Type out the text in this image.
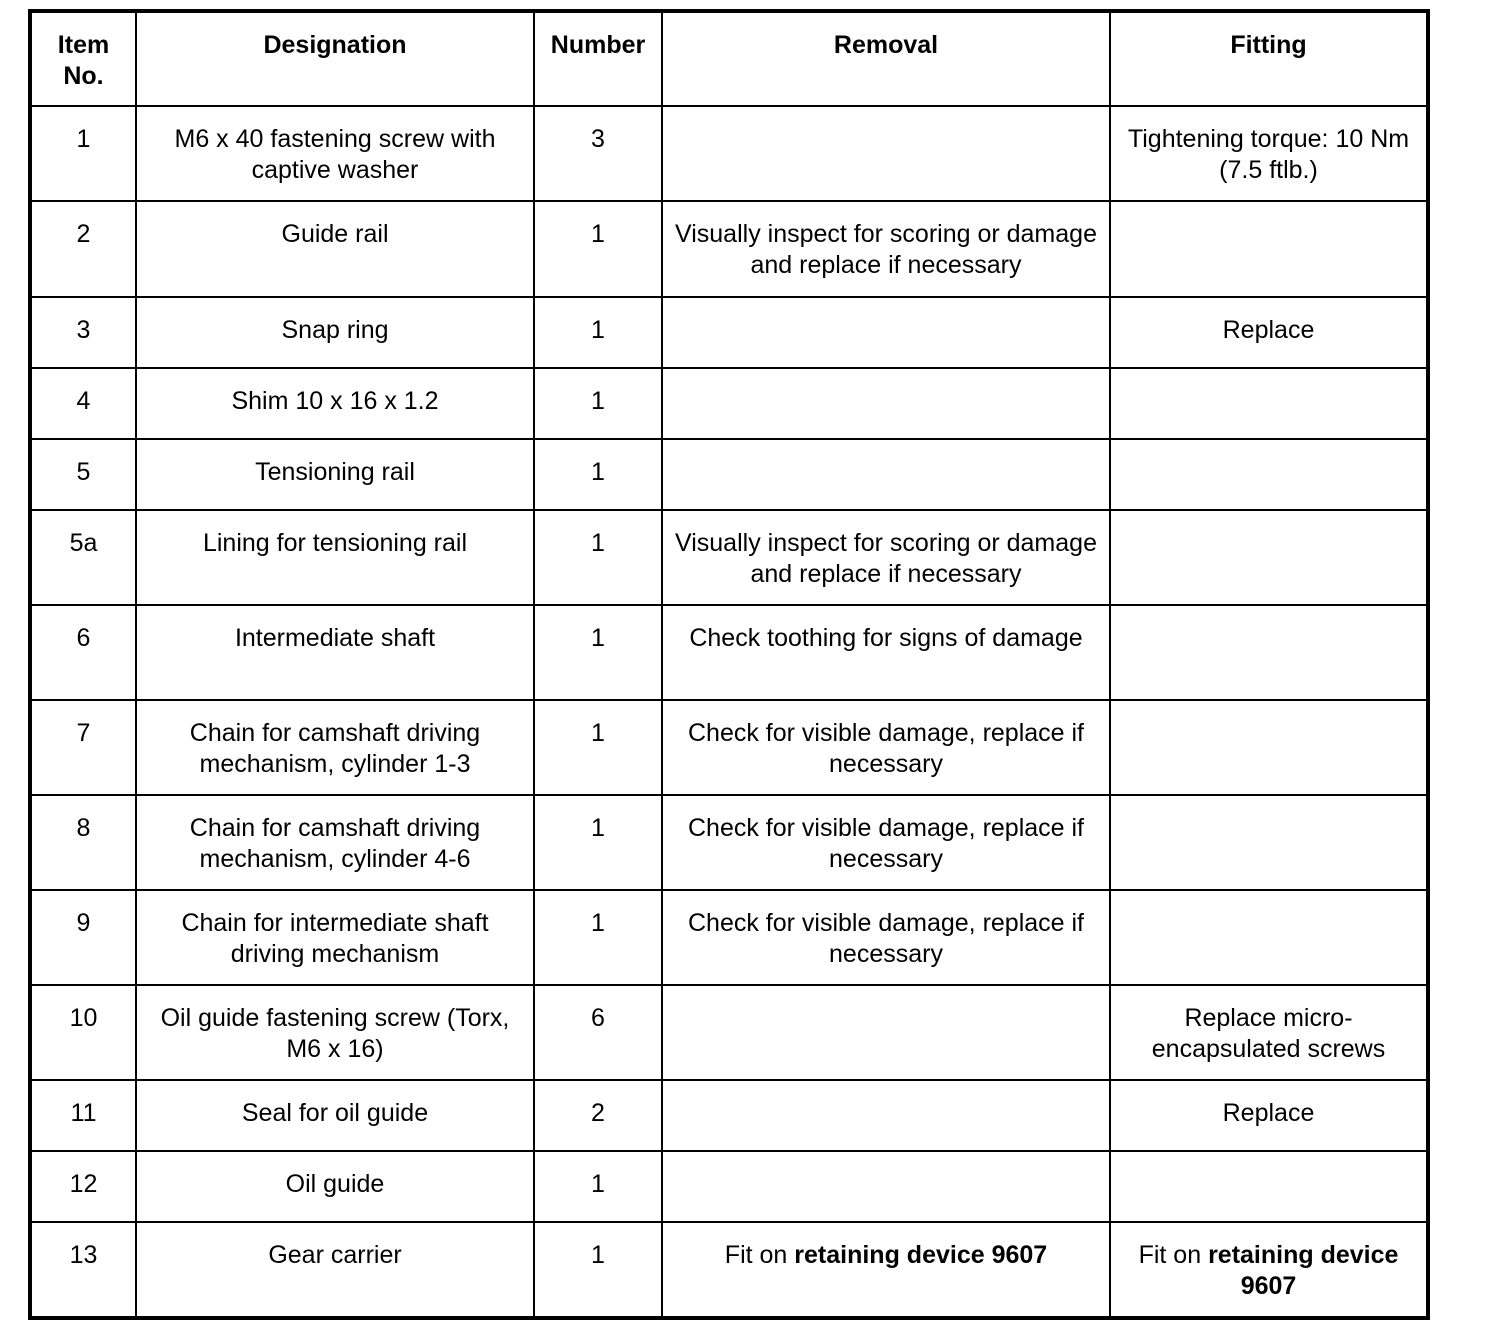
Item No.	Designation	Number	Removal	Fitting
1	M6 x 40 fastening screw with captive washer	3		Tightening torque: 10 Nm (7.5 ftlb.)
2	Guide rail	1	Visually inspect for scoring or damage and replace if necessary	
3	Snap ring	1		Replace
4	Shim 10 x 16 x 1.2	1		
5	Tensioning rail	1		
5a	Lining for tensioning rail	1	Visually inspect for scoring or damage and replace if necessary	
6	Intermediate shaft	1	Check toothing for signs of damage	
7	Chain for camshaft driving mechanism, cylinder 1-3	1	Check for visible damage, replace if necessary	
8	Chain for camshaft driving mechanism, cylinder 4-6	1	Check for visible damage, replace if necessary	
9	Chain for intermediate shaft driving mechanism	1	Check for visible damage, replace if necessary	
10	Oil guide fastening screw (Torx, M6 x 16)	6		Replace micro-encapsulated screws
11	Seal for oil guide	2		Replace
12	Oil guide	1		
13	Gear carrier	1	Fit on retaining device 9607	Fit on retaining device 9607
